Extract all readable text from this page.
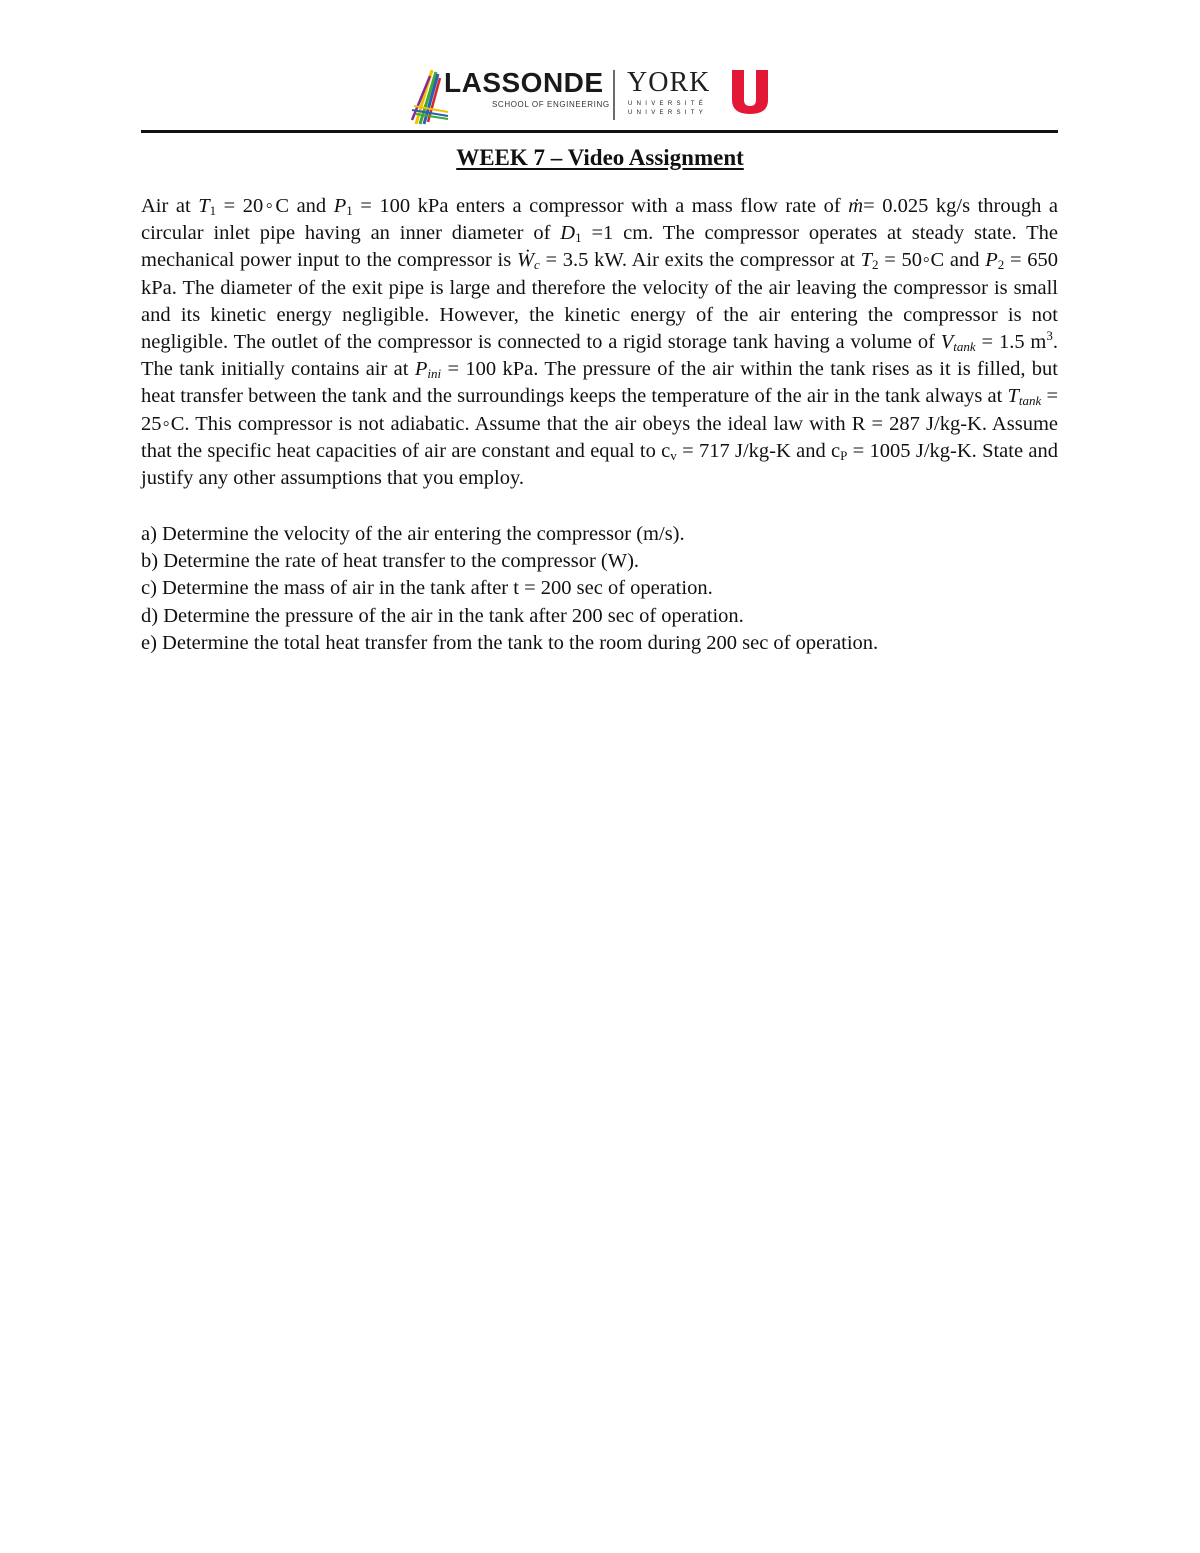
LASSONDE
SCHOOL OF ENGINEERING
YORK
UNIVERSITÉ
UNIVERSITY
WEEK 7 – Video Assignment
Air at $T_1$ = 20◦C and $P_1 = 100$ kPa enters a compressor with a mass flow rate of ṁ= 0.025 kg/s through a circular inlet pipe having an inner diameter of $D_1 =1$ cm. The compressor operates at steady state. The mechanical power input to the compressor is Ẇ$_c$ = 3.5 kW. Air exits the compressor at $T_2$ = 50◦C and $P_2 = 650$ kPa. The diameter of the exit pipe is large and therefore the velocity of the air leaving the compressor is small and its kinetic energy negligible. However, the kinetic energy of the air entering the compressor is not negligible. The outlet of the compressor is connected to a rigid storage tank having a volume of $V_{tank} = 1.5$ $m^3$. The tank initially contains air at $P_{ini} = 100$ kPa. The pressure of the air within the tank rises as it is filled, but heat transfer between the tank and the surroundings keeps the temperature of the air in the tank always at $T_{tank}$ = 25◦C. This compressor is not adiabatic. Assume that the air obeys the ideal law with R = 287 J/kg-K. Assume that the specific heat capacities of air are constant and equal to $c_v = 717$ J/kg-K and $c_P = 1005$ J/kg-K. State and justify any other assumptions that you employ.
a) Determine the velocity of the air entering the compressor (m/s).
b) Determine the rate of heat transfer to the compressor (W).
c) Determine the mass of air in the tank after t = 200 sec of operation.
d) Determine the pressure of the air in the tank after 200 sec of operation.
e) Determine the total heat transfer from the tank to the room during 200 sec of operation.
